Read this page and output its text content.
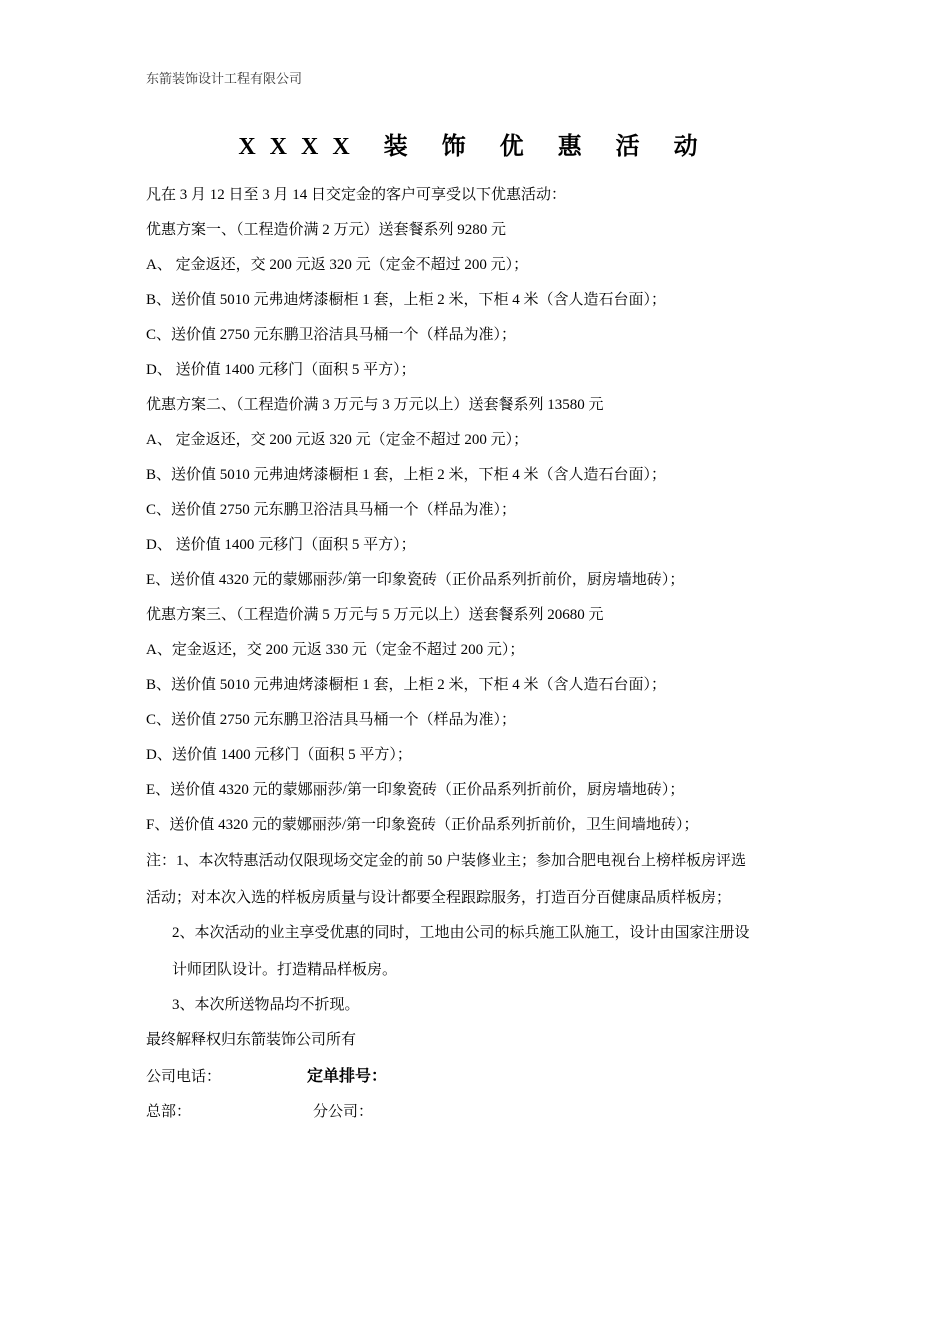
东箭装饰设计工程有限公司
XXXX 装 饰 优 惠 活 动
凡在 3 月 12 日至 3 月 14 日交定金的客户可享受以下优惠活动：
优惠方案一、（工程造价满 2 万元）送套餐系列 9280 元
A、 定金返还，交 200 元返 320 元（定金不超过 200 元）；
B、送价值 5010 元弗迪烤漆橱柜 1 套，上柜 2 米，下柜 4 米（含人造石台面）；
C、送价值 2750 元东鹏卫浴洁具马桶一个（样品为准）；
D、 送价值 1400 元移门（面积 5 平方）；
优惠方案二、（工程造价满 3 万元与 3 万元以上）送套餐系列 13580 元
A、 定金返还，交 200 元返 320 元（定金不超过 200 元）；
B、送价值 5010 元弗迪烤漆橱柜 1 套，上柜 2 米，下柜 4 米（含人造石台面）；
C、送价值 2750 元东鹏卫浴洁具马桶一个（样品为准）；
D、 送价值 1400 元移门（面积 5 平方）；
E、送价值 4320 元的蒙娜丽莎/第一印象瓷砖（正价品系列折前价，厨房墙地砖）；
优惠方案三、（工程造价满 5 万元与 5 万元以上）送套餐系列 20680 元
A、定金返还，交 200 元返 330 元（定金不超过 200 元）；
B、送价值 5010 元弗迪烤漆橱柜 1 套，上柜 2 米，下柜 4 米（含人造石台面）；
C、送价值 2750 元东鹏卫浴洁具马桶一个（样品为准）；
D、送价值 1400 元移门（面积 5 平方）；
E、送价值 4320 元的蒙娜丽莎/第一印象瓷砖（正价品系列折前价，厨房墙地砖）；
F、送价值 4320 元的蒙娜丽莎/第一印象瓷砖（正价品系列折前价，卫生间墙地砖）；
注：1、本次特惠活动仅限现场交定金的前 50 户装修业主；参加合肥电视台上榜样板房评选
活动；对本次入选的样板房质量与设计都要全程跟踪服务，打造百分百健康品质样板房；
2、本次活动的业主享受优惠的同时，工地由公司的标兵施工队施工，设计由国家注册设
计师团队设计。打造精品样板房。
3、本次所送物品均不折现。
最终解释权归东箭装饰公司所有
公司电话：	定单排号：
总部：	分公司：
